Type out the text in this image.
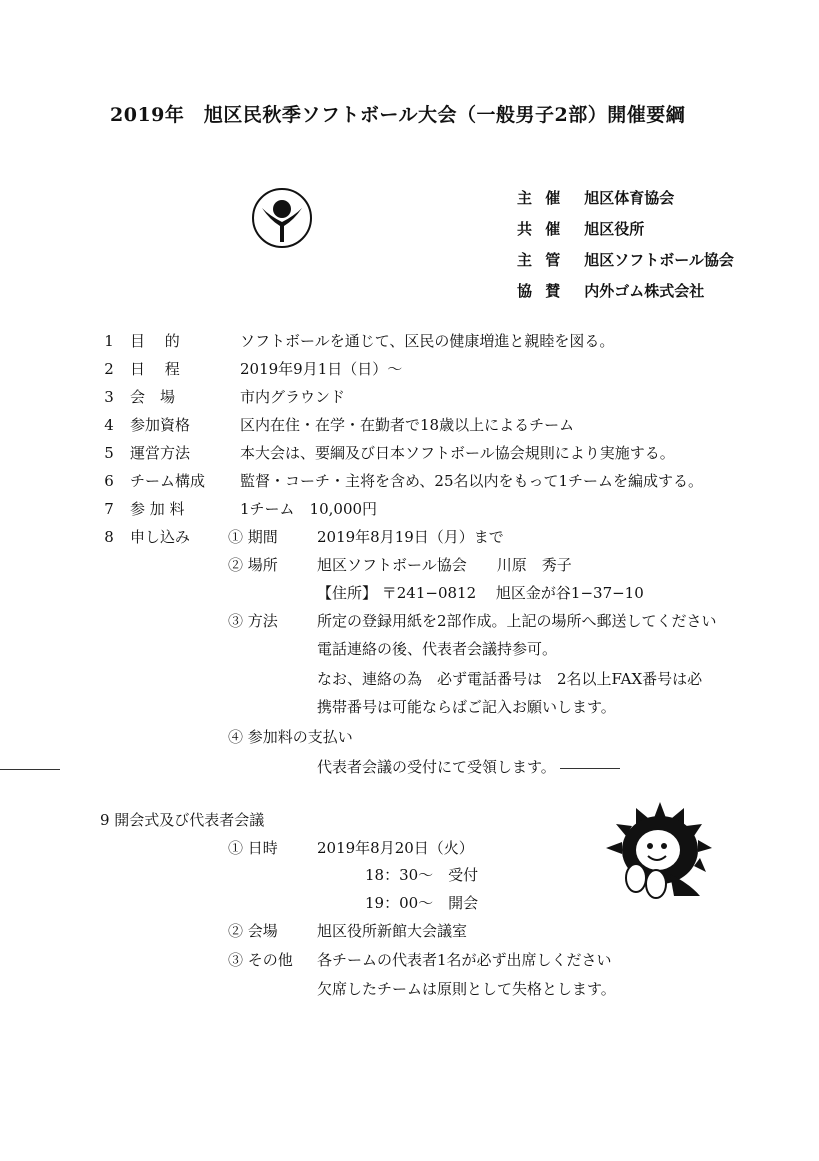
2019年　旭区民秋季ソフトボール大会（一般男子2部）開催要綱
主 催 旭区体育協会
共 催 旭区役所
主 管 旭区ソフトボール協会
協 賛 内外ゴム株式会社
1	目　 的	ソフトボールを通じて、区民の健康増進と親睦を図る。
2	日　 程	2019年9月1日（日）～
3	会　場	市内グラウンド
4	参加資格	区内在住・在学・在勤者で18歳以上によるチーム
5	運営方法	本大会は、要綱及び日本ソフトボール協会規則により実施する。
6	チーム構成	監督・コーチ・主将を含め、25名以内をもって1チームを編成する。
7	参 加 料	1チーム　10,000円
8	申し込み	① 期間	2019年8月19日（月）まで
② 場所	旭区ソフトボール協会　　川原　秀子
【住所】 〒241−0812　 旭区金が谷1−37−10
③ 方法	所定の登録用紙を2部作成。上記の場所へ郵送してください
電話連絡の後、代表者会議持参可。
なお、連絡の為　必ず電話番号は　2名以上FAX番号は必
携帯番号は可能ならばご記入お願いします。
④ 参加料の支払い
代表者会議の受付にて受領します。
9 開会式及び代表者会議
① 日時	2019年8月20日（火）
18：30～　受付
19：00～　開会
② 会場	旭区役所新館大会議室
③ その他 各チームの代表者1名が必ず出席しください
欠席したチームは原則として失格とします。
